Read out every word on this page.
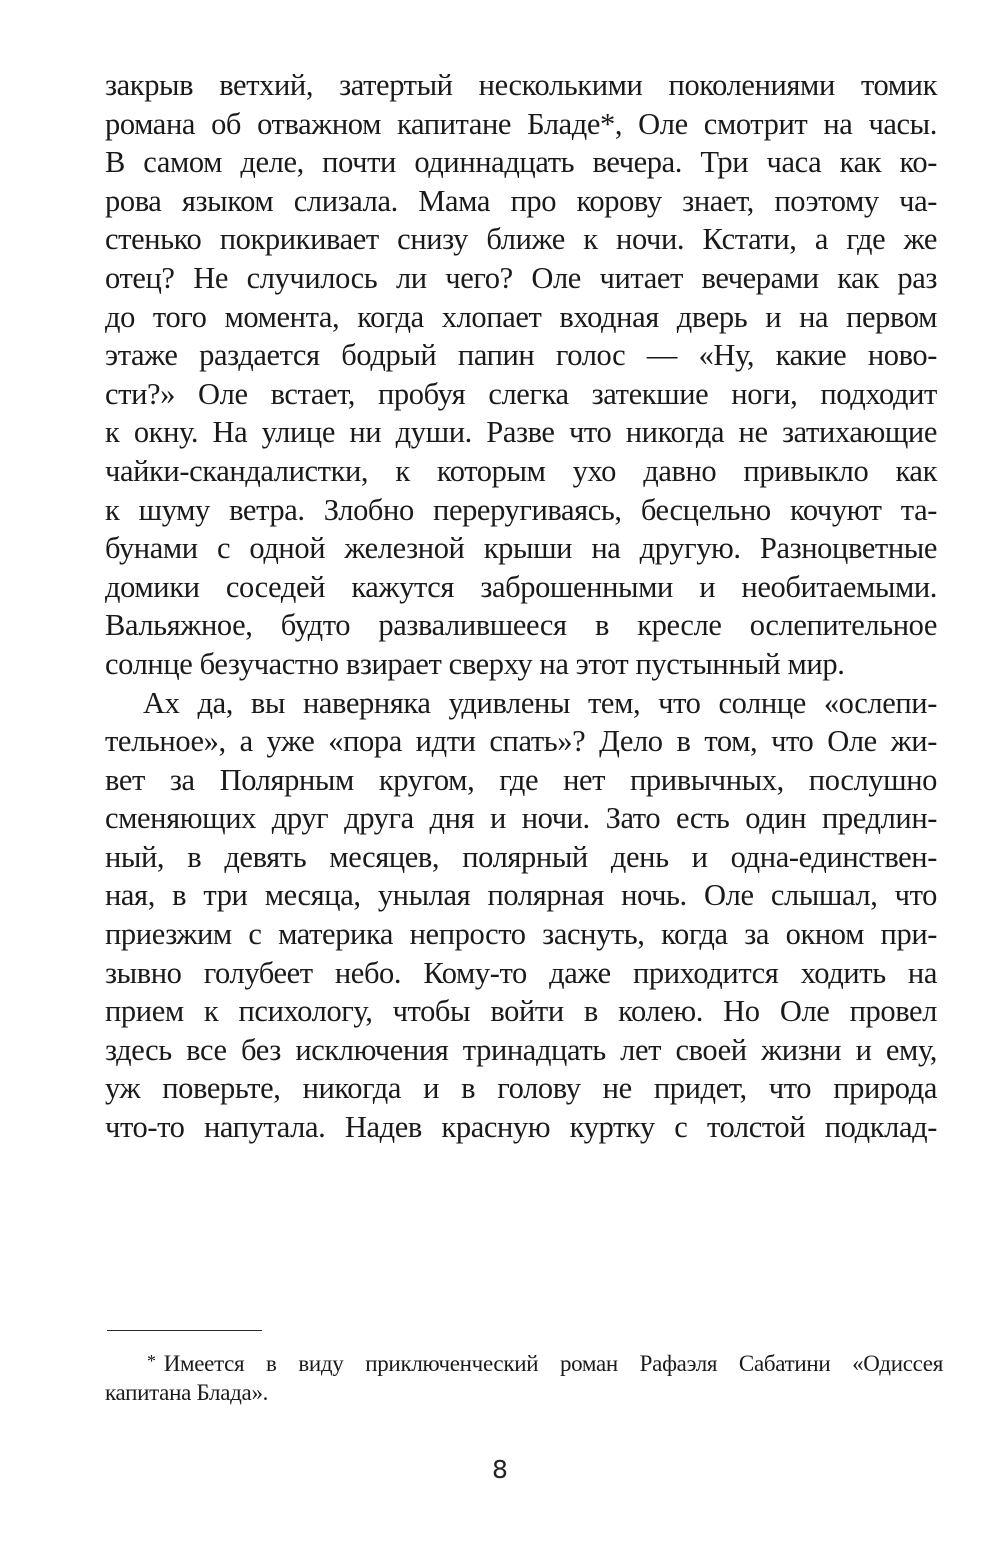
закрыв ветхий, затертый несколькими поколениями томик
романа об отважном капитане Бладе*, Оле смотрит на часы.
В самом деле, почти одиннадцать вечера. Три часа как ко-
рова языком слизала. Мама про корову знает, поэтому ча-
стенько покрикивает снизу ближе к ночи. Кстати, а где же
отец? Не случилось ли чего? Оле читает вечерами как раз
до того момента, когда хлопает входная дверь и на первом
этаже раздается бодрый папин голос — «Ну, какие ново-
сти?» Оле встает, пробуя слегка затекшие ноги, подходит
к окну. На улице ни души. Разве что никогда не затихающие
чайки-скандалистки, к которым ухо давно привыкло как
к шуму ветра. Злобно переругиваясь, бесцельно кочуют та-
бунами с одной железной крыши на другую. Разноцветные
домики соседей кажутся заброшенными и необитаемыми.
Вальяжное, будто развалившееся в кресле ослепительное
солнце безучастно взирает сверху на этот пустынный мир.
Ах да, вы наверняка удивлены тем, что солнце «ослепи-
тельное», а уже «пора идти спать»? Дело в том, что Оле жи-
вет за Полярным кругом, где нет привычных, послушно
сменяющих друг друга дня и ночи. Зато есть один предлин-
ный, в девять месяцев, полярный день и одна-единствен-
ная, в три месяца, унылая полярная ночь. Оле слышал, что
приезжим с материка непросто заснуть, когда за окном при-
зывно голубеет небо. Кому-то даже приходится ходить на
прием к психологу, чтобы войти в колею. Но Оле провел
здесь все без исключения тринадцать лет своей жизни и ему,
уж поверьте, никогда и в голову не придет, что природа
что-то напутала. Надев красную куртку с толстой подклад-
* Имеется в виду приключенческий роман Рафаэля Сабатини «Одиссея
капитана Блада».
8
